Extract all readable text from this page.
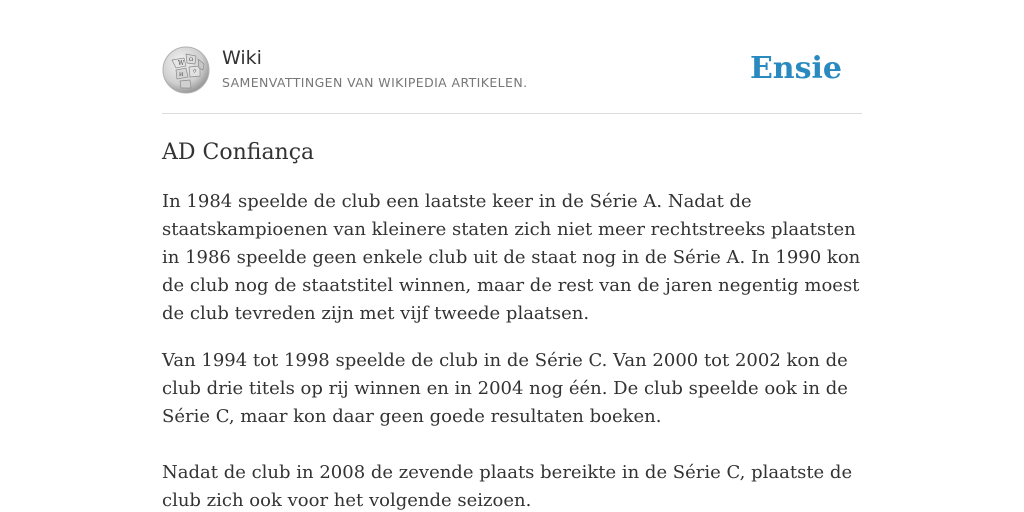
W Ω
И ウ
Wiki
SAMENVATTINGEN VAN WIKIPEDIA ARTIKELEN.	Ensie
AD Confiança

In 1984 speelde de club een laatste keer in de Série A. Nadat de staatskampioenen van kleinere staten zich niet meer rechtstreeks plaatsten in 1986 speelde geen enkele club uit de staat nog in de Série A. In 1990 kon de club nog de staatstitel winnen, maar de rest van de jaren negentig moest de club tevreden zijn met vijf tweede plaatsen.

Van 1994 tot 1998 speelde de club in de Série C. Van 2000 tot 2002 kon de club drie titels op rij winnen en in 2004 nog één. De club speelde ook in de Série C, maar kon daar geen goede resultaten boeken.

Nadat de club in 2008 de zevende plaats bereikte in de Série C, plaatste de club zich ook voor het volgende seizoen.
